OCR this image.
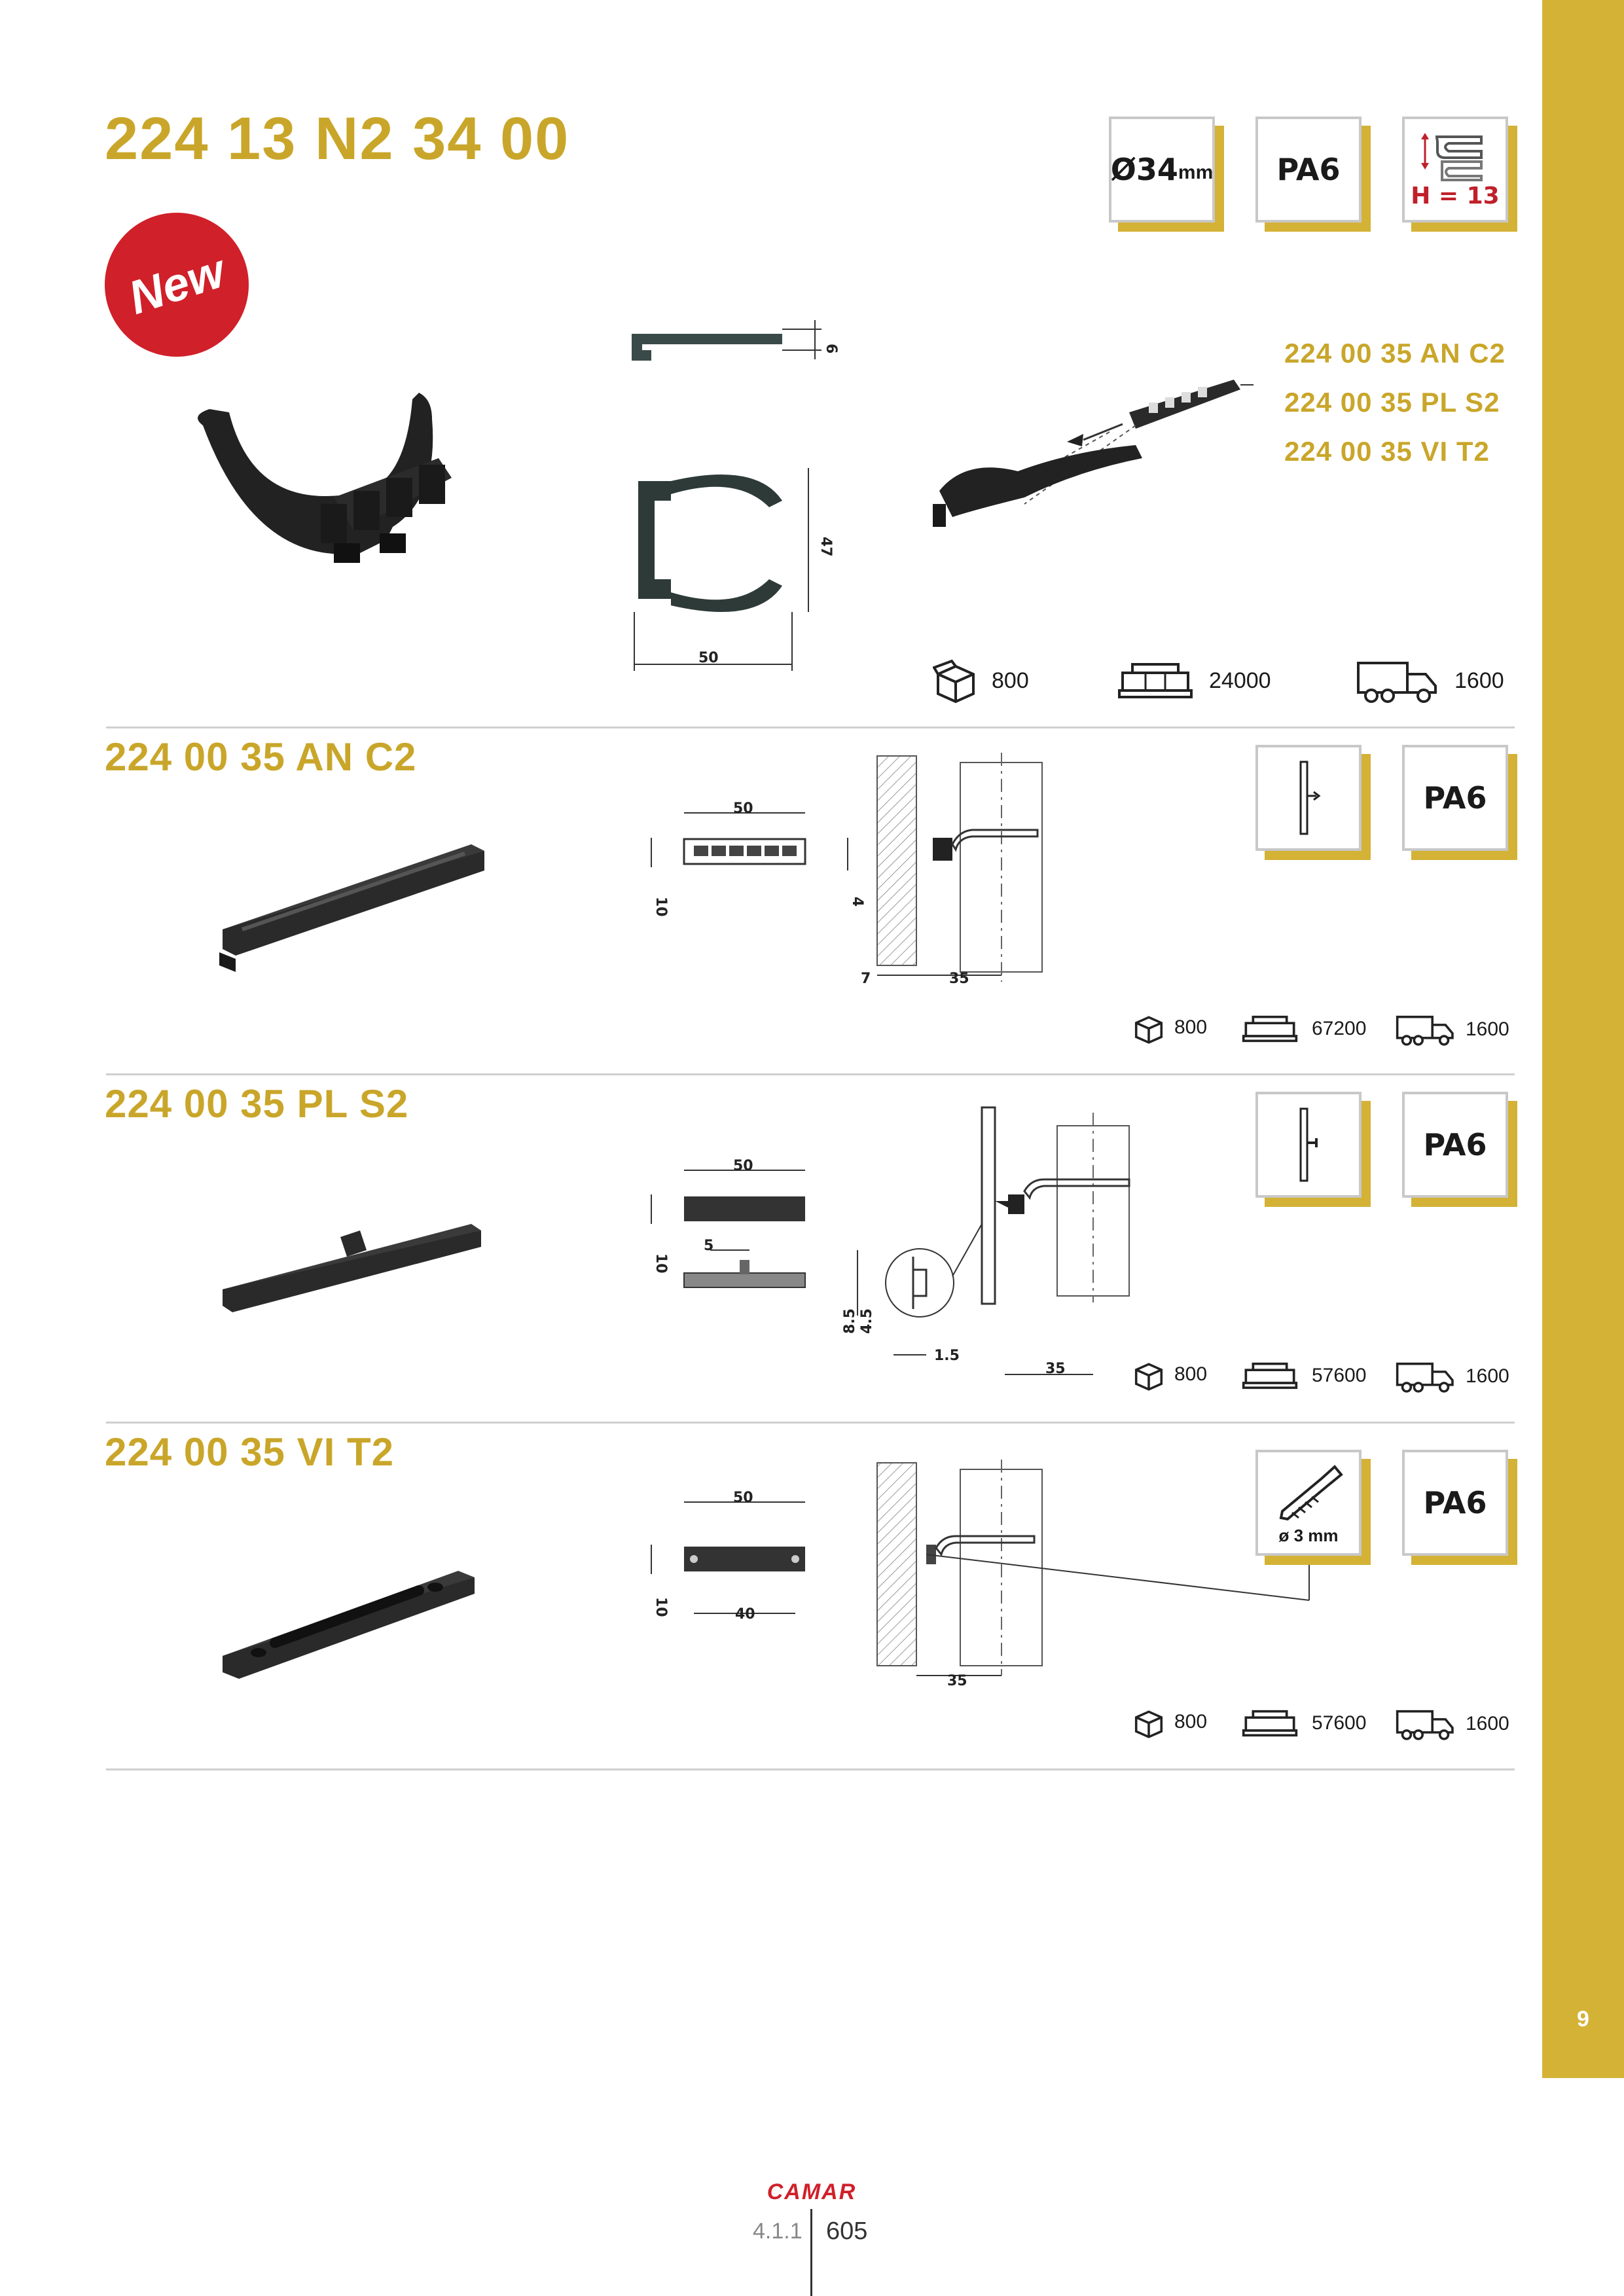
9
224 13 N2 34 00	Ø34 mm PA6
H = 13
New
6
47
50
224 00 35 AN C2
224 00 35 PL S2
224 00 35 VI T2
800	24000	1600
224 00 35 AN C2
50
10	4
7	35
PA6
800	67200	1600
224 00 35 PL S2
50
10
5
8.5 4.5
1.5
35
PA6
800	57600	1600
224 00 35 VI T2
50
10	40
35
ø 3 mm
PA6
800	57600	1600
CAMAR
4.1.1 605
